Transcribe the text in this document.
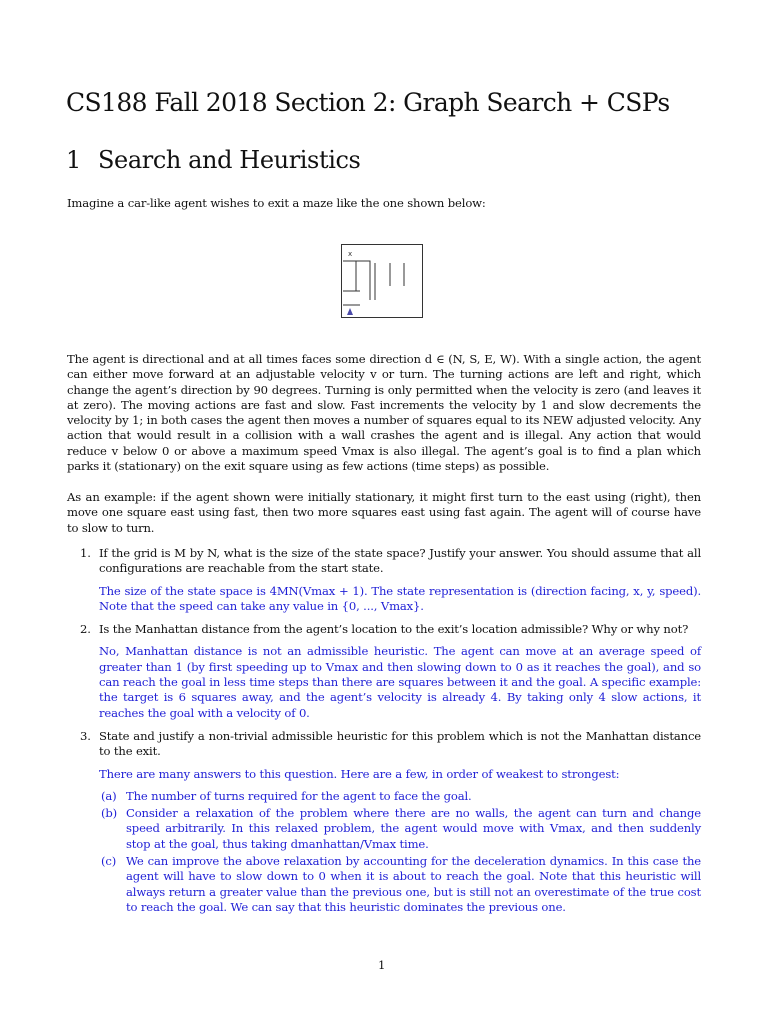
CS188 Fall 2018 Section 2: Graph Search + CSPs
1 Search and Heuristics

Imagine a car-like agent wishes to exit a maze like the one shown below:

x

The agent is directional and at all times faces some direction d ∈ (N, S, E, W). With a single action, the agent can either move forward at an adjustable velocity v or turn. The turning actions are left and right, which change the agent’s direction by 90 degrees. Turning is only permitted when the velocity is zero (and leaves it at zero). The moving actions are fast and slow. Fast increments the velocity by 1 and slow decrements the velocity by 1; in both cases the agent then moves a number of squares equal to its NEW adjusted velocity. Any action that would result in a collision with a wall crashes the agent and is illegal. Any action that would reduce v below 0 or above a maximum speed Vmax is also illegal. The agent’s goal is to find a plan which parks it (stationary) on the exit square using as few actions (time steps) as possible.

As an example: if the agent shown were initially stationary, it might first turn to the east using (right), then move one square east using fast, then two more squares east using fast again. The agent will of course have to slow to turn.

1. If the grid is M by N, what is the size of the state space? Justify your answer. You should assume that all configurations are reachable from the start state.
The size of the state space is 4MN(Vmax + 1). The state representation is (direction facing, x, y, speed). Note that the speed can take any value in {0, ..., Vmax}.
2. Is the Manhattan distance from the agent’s location to the exit’s location admissible? Why or why not?
No, Manhattan distance is not an admissible heuristic. The agent can move at an average speed of greater than 1 (by first speeding up to Vmax and then slowing down to 0 as it reaches the goal), and so can reach the goal in less time steps than there are squares between it and the goal. A specific example: the target is 6 squares away, and the agent’s velocity is already 4. By taking only 4 slow actions, it reaches the goal with a velocity of 0.
3. State and justify a non-trivial admissible heuristic for this problem which is not the Manhattan distance to the exit.
There are many answers to this question. Here are a few, in order of weakest to strongest:
(a) The number of turns required for the agent to face the goal.
(b) Consider a relaxation of the problem where there are no walls, the agent can turn and change speed arbitrarily. In this relaxed problem, the agent would move with Vmax, and then suddenly stop at the goal, thus taking dmanhattan/Vmax time.
(c) We can improve the above relaxation by accounting for the deceleration dynamics. In this case the agent will have to slow down to 0 when it is about to reach the goal. Note that this heuristic will always return a greater value than the previous one, but is still not an overestimate of the true cost to reach the goal. We can say that this heuristic dominates the previous one.
1
